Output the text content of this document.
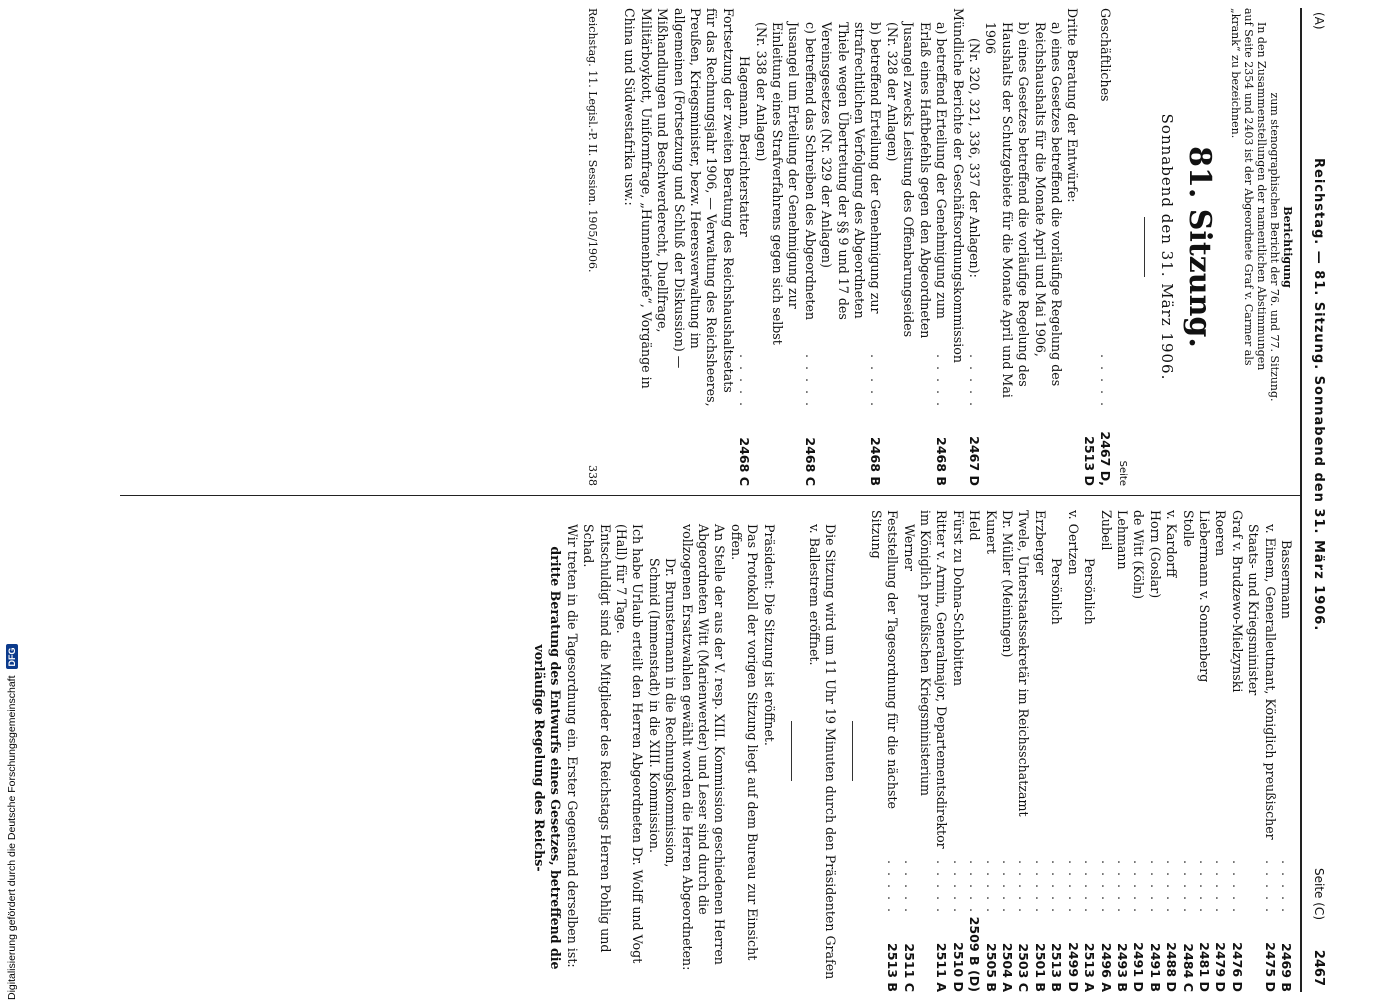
(A)
Reichstag. — 81. Sitzung. Sonnabend den 31. März 1906.
Seite (C)
2467
Berichtigung

zum stenographischen Bericht der 76. und 77. Sitzung.

In den Zusammenstellungen der namentlichen Abstimmungen

auf Seite 2354 und 2403 ist der Abgeordnete Graf v. Carmer als

„krank“ zu bezeichnen.

81. Sitzung.
Sonnabend den 31. März 1906.
Seite
Geschäftliches
. . . . .
2467 D, 2513 D
Dritte Beratung der Entwürfe:
a) eines Gesetzes betreffend die vorläufige Regelung des Reichshaushalts für die Monate April und Mai 1906,
b) eines Gesetzes betreffend die vorläufige Regelung des Haushalts der Schutzgebiete für die Monate April und Mai 1906
(Nr. 320, 321, 336, 337 der Anlagen):
. . . . .
2467 D
Mündliche Berichte der Geschäftsordnungskommission
a) betreffend Erteilung der Genehmigung zum Erlaß eines Haftbefehls gegen den Abgeordneten Jusangel zwecks Leistung des Offenbarungseides (Nr. 328 der Anlagen)
. . . . .
2468 B
b) betreffend Erteilung der Genehmigung zur strafrechtlichen Verfolgung des Abgeordneten Thiele wegen Übertretung der §§ 9 und 17 des Vereinsgesetzes (Nr. 329 der Anlagen)
. . . . .
2468 B
c) betreffend das Schreiben des Abgeordneten Jusangel um Erteilung der Genehmigung zur Einleitung eines Strafverfahrens gegen sich selbst (Nr. 338 der Anlagen)
. . . . .
2468 C
Hagemann, Berichterstatter
. . . . .
2468 C
Fortsetzung der zweiten Beratung des Reichshaushaltsetats für das Rechnungsjahr 1906, — Verwaltung des Reichsheeres, Preußen, Kriegsminister, bezw. Heeresverwaltung im allgemeinen (Fortsetzung und Schluß der Diskussion) — Mißhandlungen und Beschwerderecht, Duellfrage, Militärboykott, Uniformfrage, „Hunnenbriefe“, Vorgänge in China und Südwestafrika usw.:
Reichstag. 11. Legisl.-P. II. Session. 1905/1906.
338
Bassermann
. . . . .
2469 B
v. Einem, Generalleutnant, Königlich preußischer Staats- und Kriegsminister
. . . . .
2475 D
Graf v. Brudzewo-Mielzynski
. . . . .
2476 D
Roeren
. . . . .
2479 D
Liebermann v. Sonnenberg
. . . . .
2481 D
Stolle
. . . . .
2484 C
v. Kardorff
. . . . .
2488 D
Horn (Goslar)
. . . . .
2491 B
de Witt (Köln)
. . . . .
2491 D
Lehmann
. . . . .
2493 B
Zubeil
. . . . .
2496 A
Persönlich
. . . . .
2513 A
v. Oertzen
. . . . .
2499 D
Persönlich
. . . . .
2513 B
Erzberger
. . . . .
2501 B
Twele, Unterstaatssekretär im Reichsschatzamt
. . . . .
2503 C
Dr. Müller (Meiningen)
. . . . .
2504 A
Kunert
. . . . .
2505 B
Held
. . . . .
2509 B (D)
Fürst zu Dohna-Schlobitten
. . . . .
2510 D
Ritter v. Armin, Generalmajor, Departementsdirektor im Königlich preußischen Kriegsministerium
. . . . .
2511 A
Werner
. . . . .
2511 C
Feststellung der Tagesordnung für die nächste Sitzung
. . . . .
2513 B

Die Sitzung wird um 11 Uhr 19 Minuten durch den Präsidenten Grafen v. Ballestrem eröffnet.

Präsident: Die Sitzung ist eröffnet.

Das Protokoll der vorigen Sitzung liegt auf dem Bureau zur Einsicht offen.

An Stelle der aus der V. resp. XIII. Kommission geschiedenen Herren Abgeordneten Witt (Marienwerder) und Leser sind durch die vollzogenen Ersatzwahlen gewählt worden die Herren Abgeordneten:

Dr. Brunstermann in die Rechnungskommission,

Schmid (Immenstadt) in die XIII. Kommission.

Ich habe Urlaub erteilt den Herren Abgeordneten Dr. Wolff und Vogt (Hall) für 7 Tage.

Entschuldigt sind die Mitglieder des Reichstags Herren Pohlig und Schad.

Wir treten in die Tagesordnung ein. Erster Gegenstand derselben ist:

dritte Beratung des Entwurfs eines Gesetzes, betreffend die vorläufige Regelung des Reichs-

Digitalisierung gefördert durch die Deutsche Forschungsgemeinschaft
DFG
